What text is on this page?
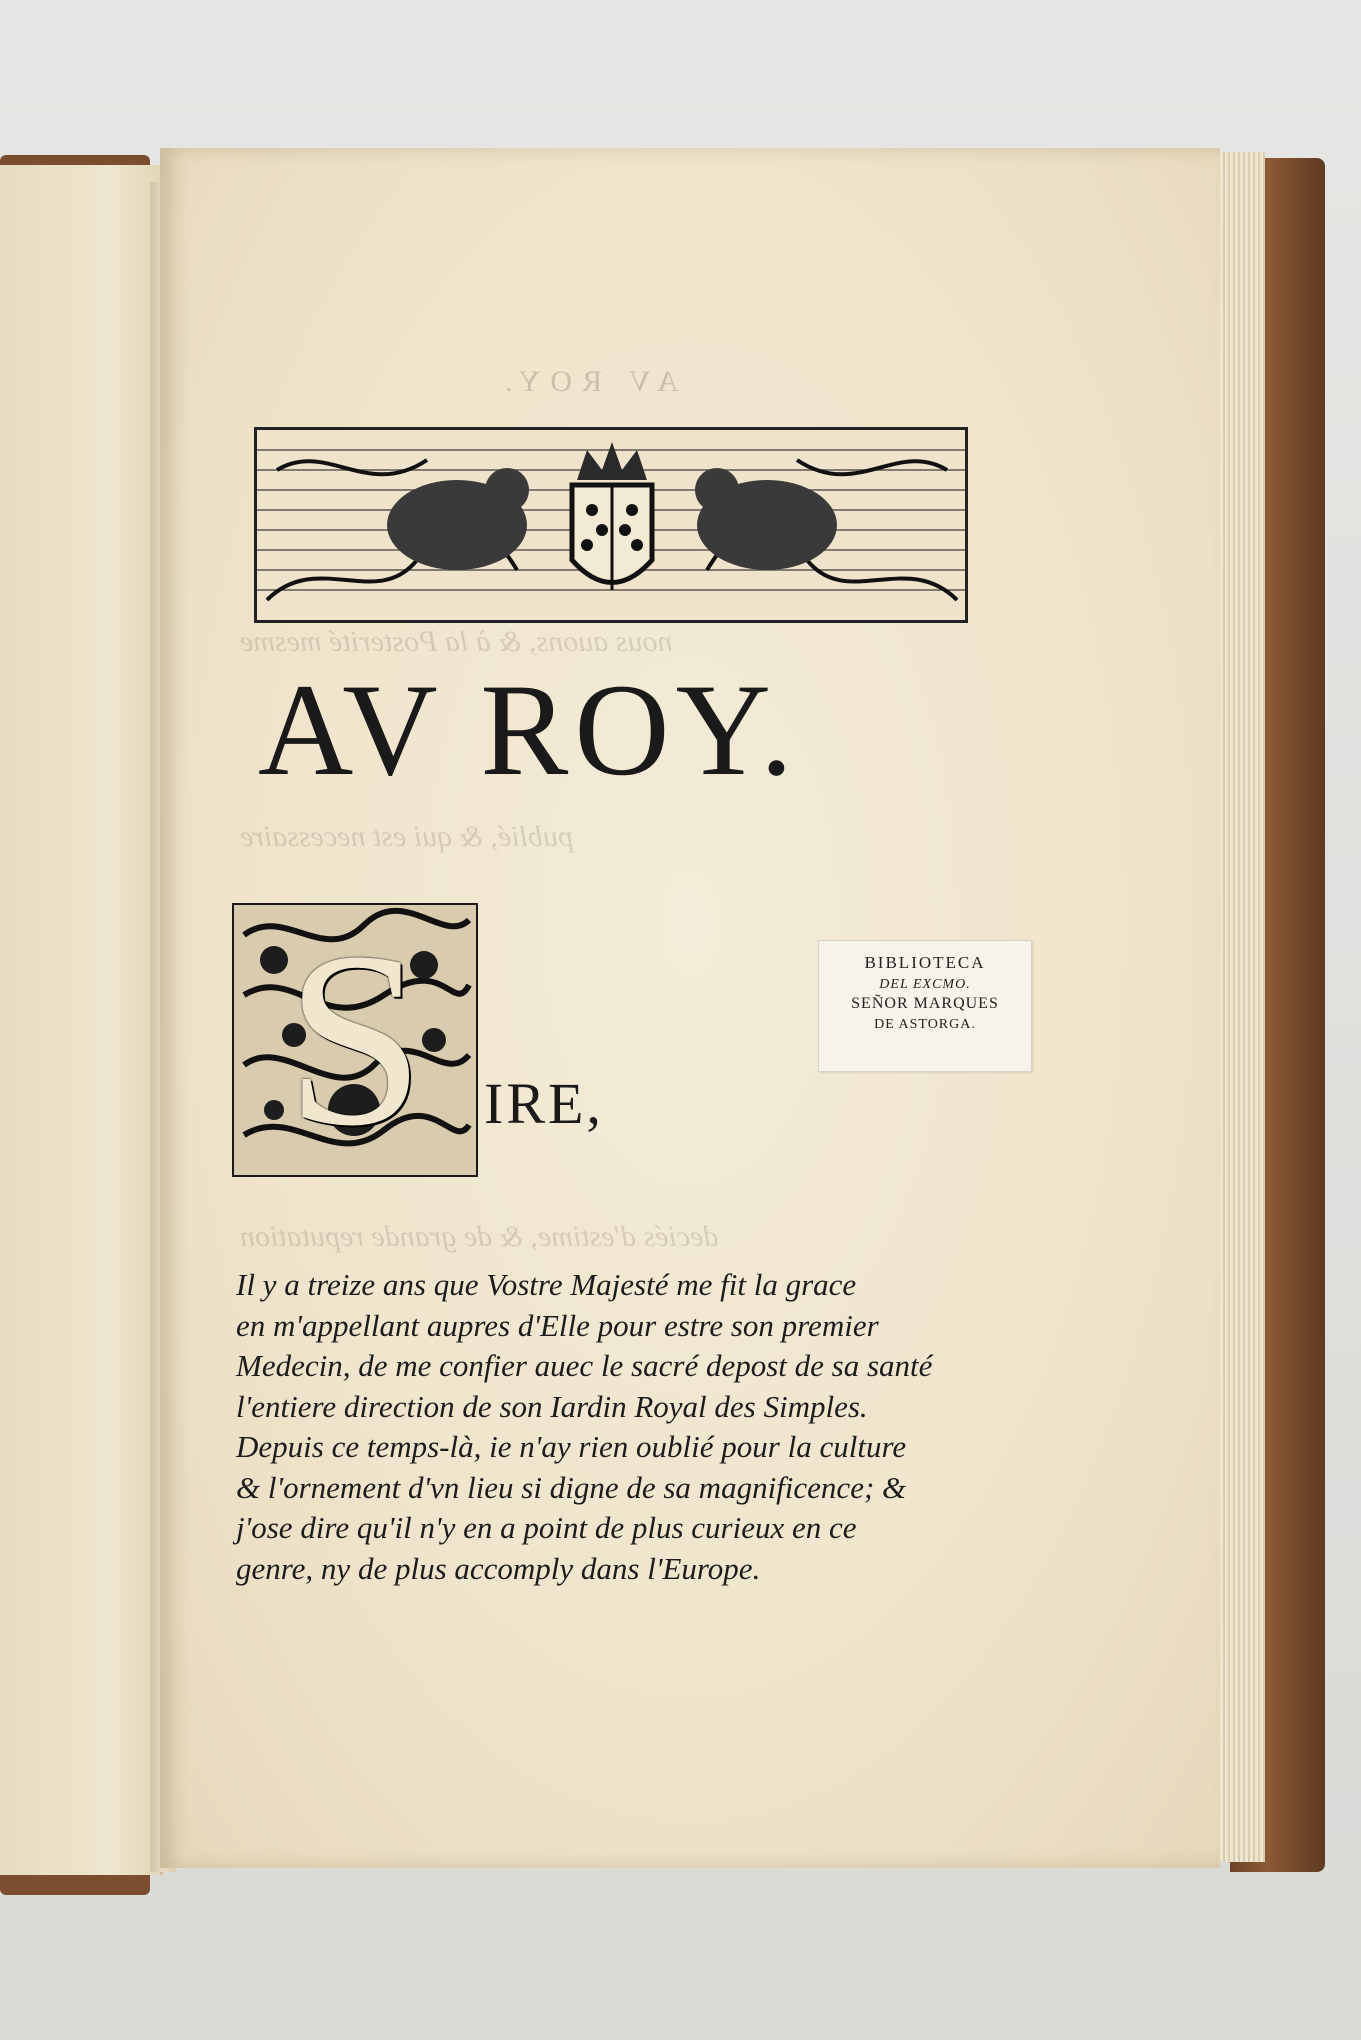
nous auons, & à la Posterité mesme
publié, & qui est necessaire
deciés d'estime, & de grande reputation
AV ROY.
AV ROY.
S	IRE,
BIBLIOTECA
DEL EXCMO.
SEÑOR MARQUES
DE ASTORGA.
Il y a treize ans que Vostre Majesté me fit la grace
en m'appellant aupres d'Elle pour estre son premier
Medecin, de me confier auec le sacré depost de sa santé
l'entiere direction de son Iardin Royal des Simples.
Depuis ce temps-là, ie n'ay rien oublié pour la culture
& l'ornement d'vn lieu si digne de sa magnificence; &
j'ose dire qu'il n'y en a point de plus curieux en ce
genre, ny de plus accomply dans l'Europe.
